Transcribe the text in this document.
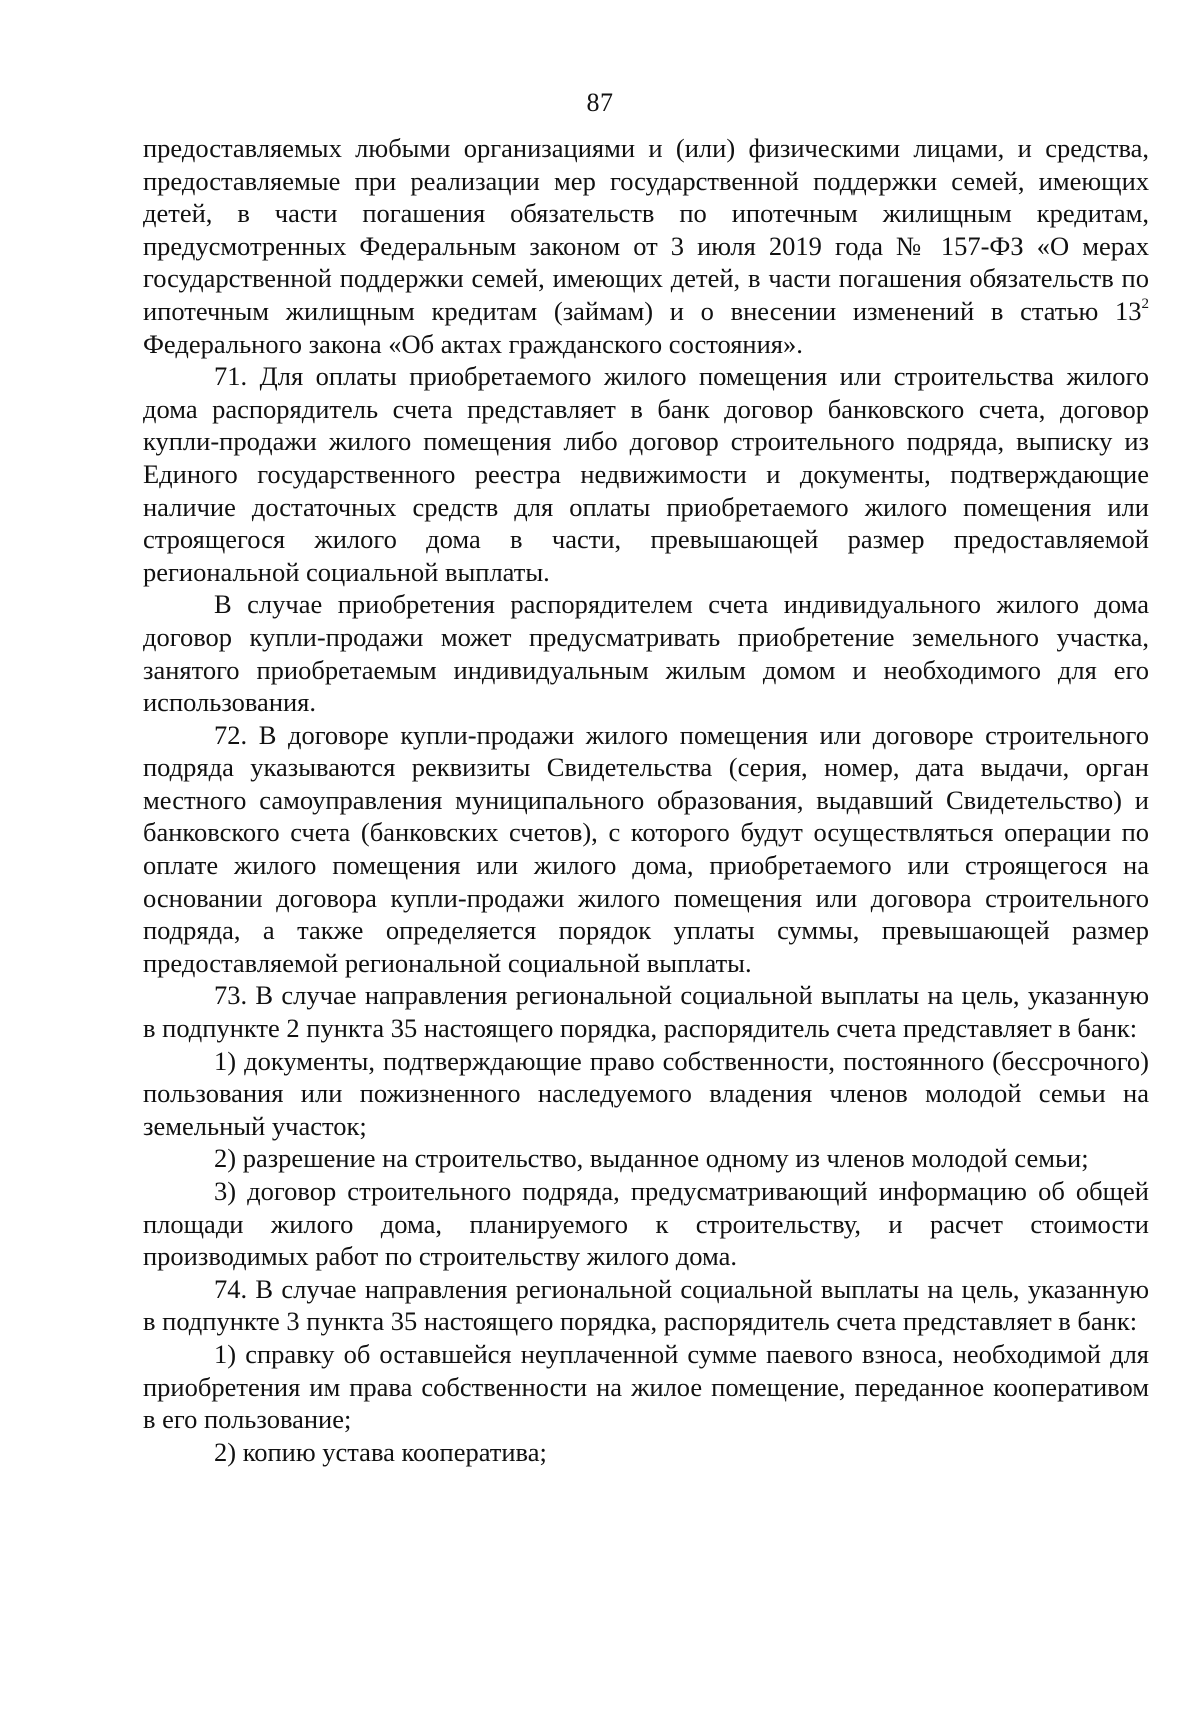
87

предоставляемых любыми организациями и (или) физическими лицами, и средства, предоставляемые при реализации мер государственной поддержки семей, имеющих детей, в части погашения обязательств по ипотечным жилищным кредитам, предусмотренных Федеральным законом от 3 июля 2019 года № 157-ФЗ «О мерах государственной поддержки семей, имеющих детей, в части погашения обязательств по ипотечным жилищным кредитам (займам) и о внесении изменений в статью $13^2$ Федерального закона «Об актах гражданского состояния».

71. Для оплаты приобретаемого жилого помещения или строительства жилого дома распорядитель счета представляет в банк договор банковского счета, договор купли-продажи жилого помещения либо договор строительного подряда, выписку из Единого государственного реестра недвижимости и документы, подтверждающие наличие достаточных средств для оплаты приобретаемого жилого помещения или строящегося жилого дома в части, превышающей размер предоставляемой региональной социальной выплаты.

В случае приобретения распорядителем счета индивидуального жилого дома договор купли-продажи может предусматривать приобретение земельного участка, занятого приобретаемым индивидуальным жилым домом и необходимого для его использования.

72. В договоре купли-продажи жилого помещения или договоре строительного подряда указываются реквизиты Свидетельства (серия, номер, дата выдачи, орган местного самоуправления муниципального образования, выдавший Свидетельство) и банковского счета (банковских счетов), с которого будут осуществляться операции по оплате жилого помещения или жилого дома, приобретаемого или строящегося на основании договора купли-продажи жилого помещения или договора строительного подряда, а также определяется порядок уплаты суммы, превышающей размер предоставляемой региональной социальной выплаты.

73. В случае направления региональной социальной выплаты на цель, указанную в подпункте 2 пункта 35 настоящего порядка, распорядитель счета представляет в банк:

1) документы, подтверждающие право собственности, постоянного (бессрочного) пользования или пожизненного наследуемого владения членов молодой семьи на земельный участок;

2) разрешение на строительство, выданное одному из членов молодой семьи;

3) договор строительного подряда, предусматривающий информацию об общей площади жилого дома, планируемого к строительству, и расчет стоимости производимых работ по строительству жилого дома.

74. В случае направления региональной социальной выплаты на цель, указанную в подпункте 3 пункта 35 настоящего порядка, распорядитель счета представляет в банк:

1) справку об оставшейся неуплаченной сумме паевого взноса, необходимой для приобретения им права собственности на жилое помещение, переданное кооперативом в его пользование;

2) копию устава кооператива;
